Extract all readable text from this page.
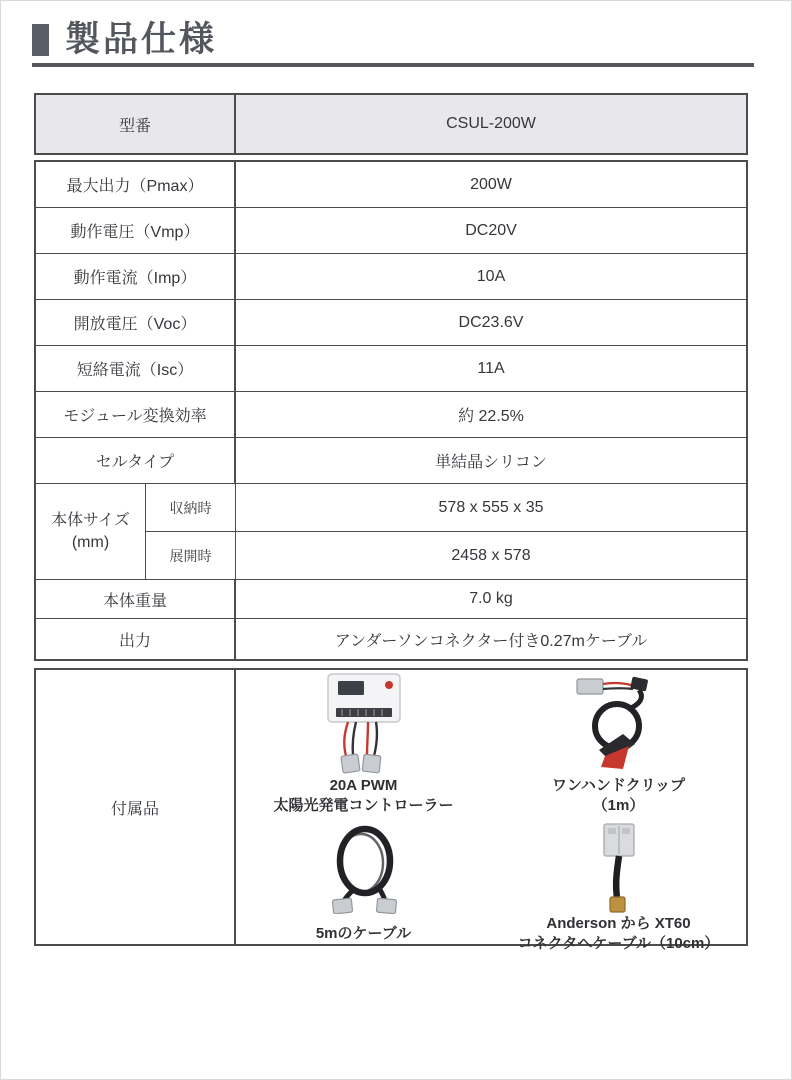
製品仕様
型番	CSUL-200W
最大出力（Pmax）	200W
動作電圧（Vmp）	DC20V
動作電流（Imp）	10A
開放電圧（Voc）	DC23.6V
短絡電流（Isc）	11A
モジュール変換効率	約 22.5%
セルタイプ	単結晶シリコン
本体サイズ
(mm)
収納時	578 x 555 x 35
展開時	2458 x 578
本体重量	7.0 kg
出力	アンダーソンコネクター付き0.27mケーブル
付属品
20A PWM
太陽光発電コントローラー
ワンハンドクリップ
（1m）
5mのケーブル
Anderson から XT60
コネクタへケーブル（10cm）
